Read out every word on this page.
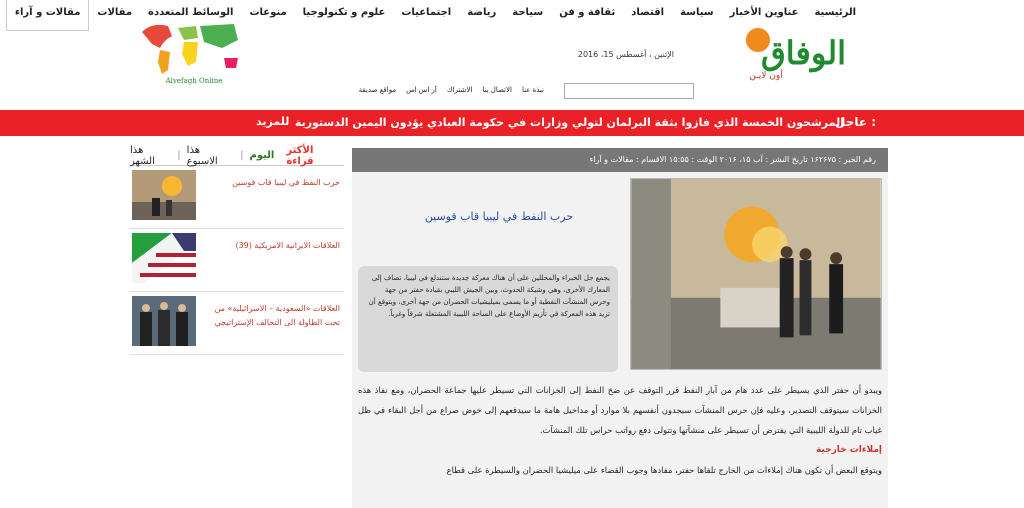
الرئيسية
عناوين الأخبار
سياسة
اقتصاد
ثقافة و فن
سياحة
رياضة
اجتماعيات
علوم و تكنولوجيا
منوعات
الوسائط المتعددة
مقالات
مقالات و آراء
الوفاق
أون لايـن
الإثنين ، أغسطس 15، 2016
Alvefagh Online
نبذة عنا
الاتصال بنا
الاشتراك
آر اس اس
مواقع صديقة
عاجل :
المرشحون الخمسة الذي فازوا بثقة البرلمان لتولي وزارات في حكومة العبادي يؤدون اليمين الدستورية
للمزيد
الأكثر قراءة
اليوم
|
هذا الاسبوع
|
هذا الشهر
حرب النفط في ليبيا قاب قوسين
العلاقات الايرانية الامريكية (39)
العلاقات «السعودية – الاسرائيلية» من تحت الطاولة الى التحالف الإستراتيجي
رقم الخبر : ١۶٢۶٧۵ تاريخ النشر : آب ١۵، ٢٠١۶ الوقت : ١۵:۵۵ الاقسام : مقالات و آراء
حرب النفط في ليبيا قاب قوسين
يجمع جل الخبراء والمحللين على أن هناك معركة جديدة ستندلع في ليبيا، تضاف إلى المعارك الأخرى، وهي وشيكة الحدوث، وبين الجيش الليبي بقيادة حفتر من جهة وحرس المنشآت النفطية أو ما يسمى بميليشيات الحضران من جهة أخرى، ويتوقع أن تزيد هذه المعركة في تأزيم الأوضاع على الساحة الليبية المشتعلة شرقاً وغرباً.

ويبدو أن حفتر الذي يسيطر على عدد هام من آبار النفط قرر التوقف عن ضخ النفط إلى الخزانات التي تسيطر عليها جماعة الحضران، ومع نفاذ هذه الخزانات سيتوقف التصدير، وعليه فإن حرس المنشآت سيجدون أنفسهم بلا موارد أو مداخيل هامة ما سيدفعهم إلى خوض صراع من أجل البقاء في ظل غياب تام للدولة الليبية التي يفترض أن تسيطر على منشآتها وتتولى دفع رواتب حراس تلك المنشآت.

إملاءات خارجية

ويتوقع البعض أن تكون هناك إملاءات من الخارج تلقاها حفتر، مفادها وجوب القضاء على ميليشيا الحضران والسيطرة على قطاع
